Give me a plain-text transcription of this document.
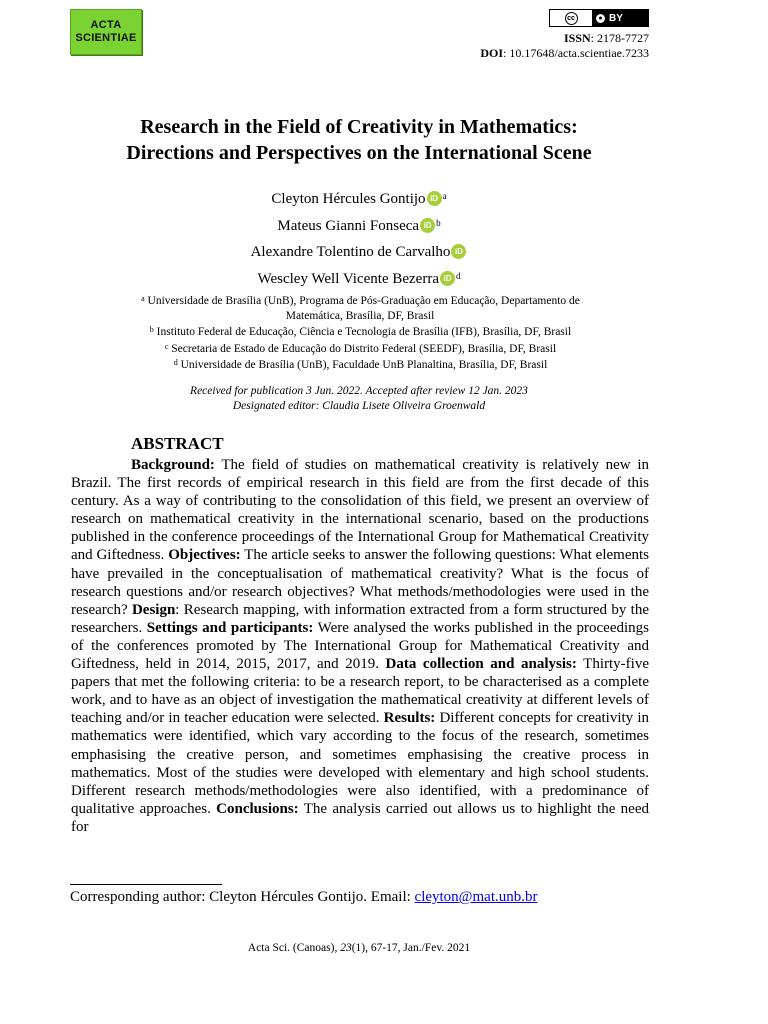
ACTA
SCIENTIAE
cc	● BY
ISSN: 2178-7727
DOI: 10.17648/acta.scientiae.7233
Research in the Field of Creativity in Mathematics:
Directions and Perspectives on the International Scene
Cleyton Hércules Gontijo iD $^a$
Mateus Gianni Fonseca iD $^b$
Alexandre Tolentino de Carvalho iD
Wescley Well Vicente Bezerra iD $^d$
$^a$ Universidade de Brasília (UnB), Programa de Pós-Graduação em Educação, Departamento de
Matemática, Brasília, DF, Brasil
$^b$ Instituto Federal de Educação, Ciência e Tecnologia de Brasília (IFB), Brasília, DF, Brasil
$^c$ Secretaria de Estado de Educação do Distrito Federal (SEEDF), Brasília, DF, Brasil
$^d$ Universidade de Brasília (UnB), Faculdade UnB Planaltina, Brasília, DF, Brasil
Received for publication 3 Jun. 2022. Accepted after review 12 Jan. 2023
Designated editor: Claudia Lisete Oliveira Groenwald
ABSTRACT
Background: The field of studies on mathematical creativity is relatively new in Brazil. The first records of empirical research in this field are from the first decade of this century. As a way of contributing to the consolidation of this field, we present an overview of research on mathematical creativity in the international scenario, based on the productions published in the conference proceedings of the International Group for Mathematical Creativity and Giftedness. Objectives: The article seeks to answer the following questions: What elements have prevailed in the conceptualisation of mathematical creativity? What is the focus of research questions and/or research objectives? What methods/methodologies were used in the research? Design: Research mapping, with information extracted from a form structured by the researchers. Settings and participants: Were analysed the works published in the proceedings of the conferences promoted by The International Group for Mathematical Creativity and Giftedness, held in 2014, 2015, 2017, and 2019. Data collection and analysis: Thirty-five papers that met the following criteria: to be a research report, to be characterised as a complete work, and to have as an object of investigation the mathematical creativity at different levels of teaching and/or in teacher education were selected. Results: Different concepts for creativity in mathematics were identified, which vary according to the focus of the research, sometimes emphasising the creative person, and sometimes emphasising the creative process in mathematics. Most of the studies were developed with elementary and high school students. Different research methods/methodologies were also identified, with a predominance of qualitative approaches. Conclusions: The analysis carried out allows us to highlight the need for
Corresponding author: Cleyton Hércules Gontijo. Email: cleyton@mat.unb.br
Acta Sci. (Canoas), 23(1), 67-17, Jan./Fev. 2021
